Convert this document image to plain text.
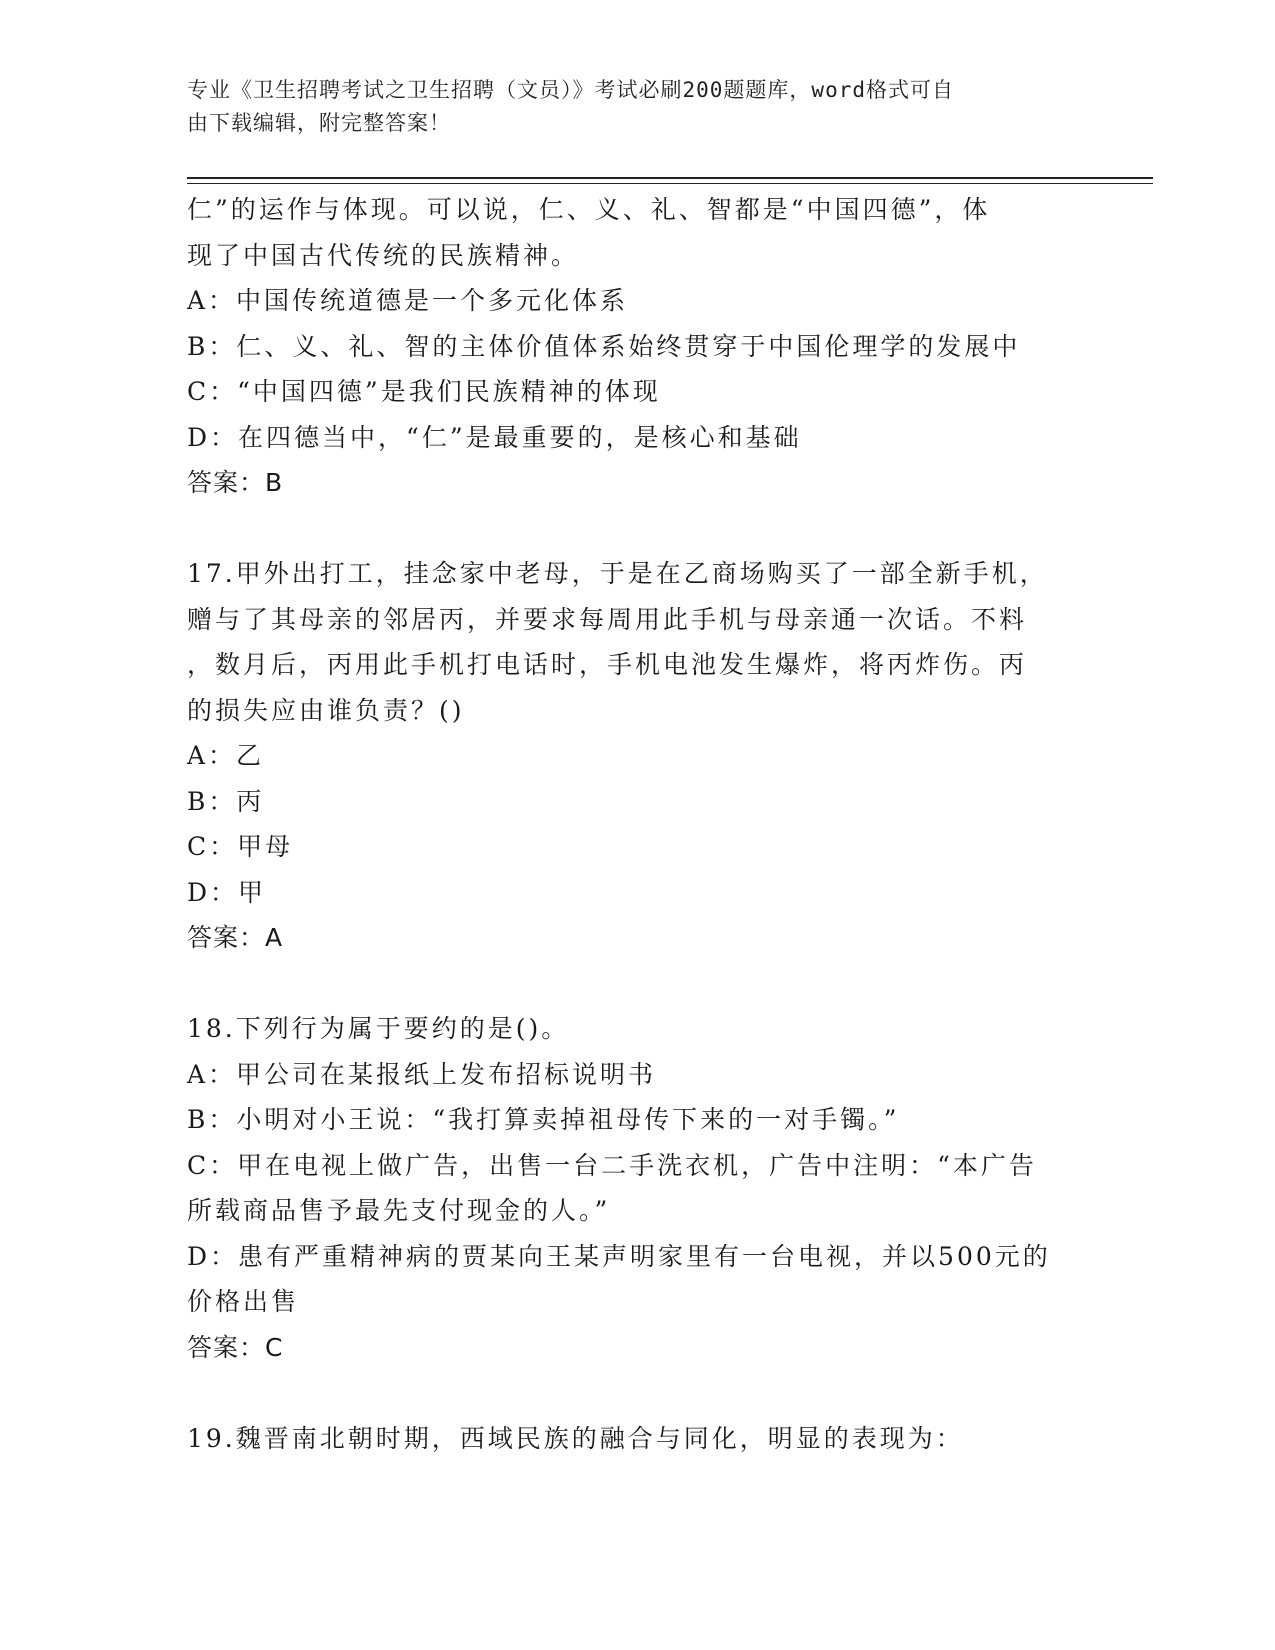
专业《卫生招聘考试之卫生招聘（文员）》考试必刷200题题库，word格式可自
由下载编辑，附完整答案！
仁”的运作与体现。可以说，仁、义、礼、智都是“中国四德”，体
现了中国古代传统的民族精神。
A：中国传统道德是一个多元化体系
B：仁、义、礼、智的主体价值体系始终贯穿于中国伦理学的发展中
C：“中国四德”是我们民族精神的体现
D：在四德当中，“仁”是最重要的，是核心和基础
答案：B
17.甲外出打工，挂念家中老母，于是在乙商场购买了一部全新手机，
赠与了其母亲的邻居丙，并要求每周用此手机与母亲通一次话。不料
，数月后，丙用此手机打电话时，手机电池发生爆炸，将丙炸伤。丙
的损失应由谁负责？()
A：乙
B：丙
C：甲母
D：甲
答案：A
18.下列行为属于要约的是()。
A：甲公司在某报纸上发布招标说明书
B：小明对小王说：“我打算卖掉祖母传下来的一对手镯。”
C：甲在电视上做广告，出售一台二手洗衣机，广告中注明：“本广告
所载商品售予最先支付现金的人。”
D：患有严重精神病的贾某向王某声明家里有一台电视，并以500元的
价格出售
答案：C
19.魏晋南北朝时期，西域民族的融合与同化，明显的表现为：
